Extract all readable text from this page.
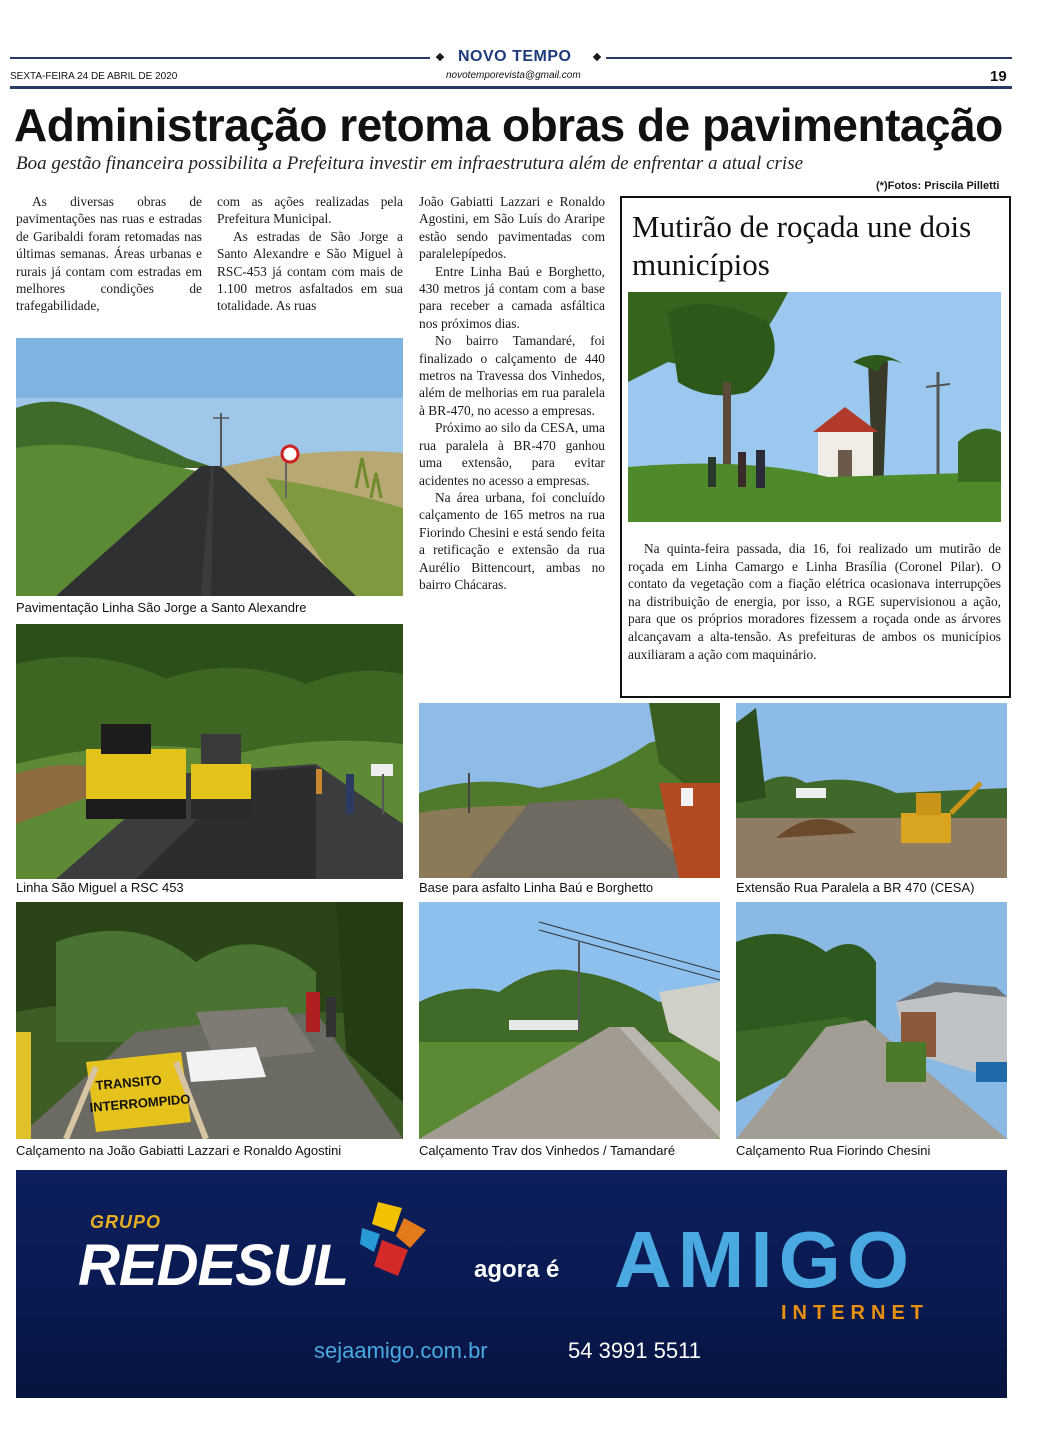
NOVO TEMPO
SEXTA-FEIRA 24 DE ABRIL DE 2020	novotemporevista@gmail.com	19
Administração retoma obras de pavimentação
Boa gestão financeira possibilita a Prefeitura investir em infraestrutura além de enfrentar a atual crise
(*)Fotos: Priscila Pilletti

As diversas obras de pavimentações nas ruas e estradas de Garibaldi foram retomadas nas últimas semanas. Áreas urbanas e rurais já contam com estradas em melhores condições de trafegabilidade,

com as ações realizadas pela Prefeitura Municipal.

As estradas de São Jorge a Santo Alexandre e São Miguel à RSC-453 já contam com mais de 1.100 metros asfaltados em sua totalidade. As ruas

João Gabiatti Lazzari e Ronaldo Agostini, em São Luís do Araripe estão sendo pavimentadas com paralelepípedos.

Entre Linha Baú e Borghetto, 430 metros já contam com a base para receber a camada asfáltica nos próximos dias.

No bairro Tamandaré, foi finalizado o calçamento de 440 metros na Travessa dos Vinhedos, além de melhorias em rua paralela à BR-470, no acesso a empresas.

Próximo ao silo da CESA, uma rua paralela à BR-470 ganhou uma extensão, para evitar acidentes no acesso a empresas.

Na área urbana, foi concluído calçamento de 165 metros na rua Fiorindo Chesini e está sendo feita a retificação e extensão da rua Aurélio Bittencourt, ambas no bairro Chácaras.

Pavimentação Linha São Jorge a Santo Alexandre
Linha São Miguel a RSC 453	Base para asfalto Linha Baú e Borghetto	Extensão Rua Paralela a BR 470 (CESA)
TRANSITO
INTERROMPIDO
Calçamento na João Gabiatti Lazzari e Ronaldo Agostini	Calçamento Trav dos Vinhedos / Tamandaré	Calçamento Rua Fiorindo Chesini
Mutirão de roçada une dois municípios

Na quinta-feira passada, dia 16, foi realizado um mutirão de roçada em Linha Camargo e Linha Brasília (Coronel Pilar). O contato da vegetação com a fiação elétrica ocasionava interrupções na distribuição de energia, por isso, a RGE supervisionou a ação, para que os próprios moradores fizessem a roçada onde as árvores alcançavam a alta-tensão. As prefeituras de ambos os municípios auxiliaram a ação com maquinário.

GRUPO
REDESUL	agora é AMIGO
INTERNET
sejaamigo.com.br	54 3991 5511
